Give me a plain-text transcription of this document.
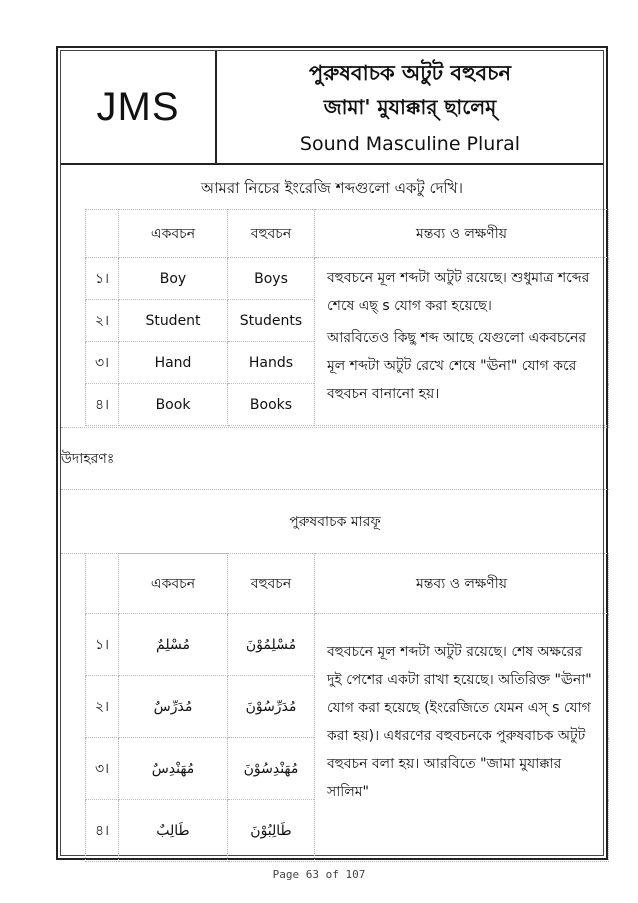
JMS
পুরুষবাচক অটুট বহুবচন
জামা' মুযাক্কার্ ছালেম্
Sound Masculine Plural
আমরা নিচের ইংরেজি শব্দগুলো একটু দেখি।
	একবচন	বহুবচন	মন্তব্য ও লক্ষণীয়
১।	Boy	Boys	বহুবচনে মূল শব্দটা অটুট রয়েছে। শুধুমাত্র শব্দের শেষে এছ্ s যোগ করা হয়েছে।

আরবিতেও কিছু শব্দ আছে যেগুলো একবচনের মূল শব্দটা অটুট রেখে শেষে "ঊনা" যোগ করে বহুবচন বানানো হয়।

২।	Student	Students	
৩।	Hand	Hands	
৪।	Book	Books	
উদাহরণঃ
পুরুষবাচক মারফূ
	একবচন	বহুবচন	মন্তব্য ও লক্ষণীয়
১।	مُسْلِمٌ	مُسْلِمُوْنَ	বহুবচনে মূল শব্দটা অটুট রয়েছে। শেষ অক্ষরের দুই পেশের একটা রাখা হয়েছে। অতিরিক্ত "ঊনা" যোগ করা হয়েছে (ইংরেজিতে যেমন এস্ s যোগ করা হয়)। এধরণের বহুবচনকে পুরুষবাচক অটুট বহুবচন বলা হয়। আরবিতে "জামা মুযাক্কার সালিম"
২।	مُدَرِّسٌ	مُدَرِّسُوْنَ	
৩।	مُهَنْدِسٌ	مُهَنْدِسُوْنَ	
৪।	طَالِبٌ	طَالِبُوْنَ	
Page 63 of 107
